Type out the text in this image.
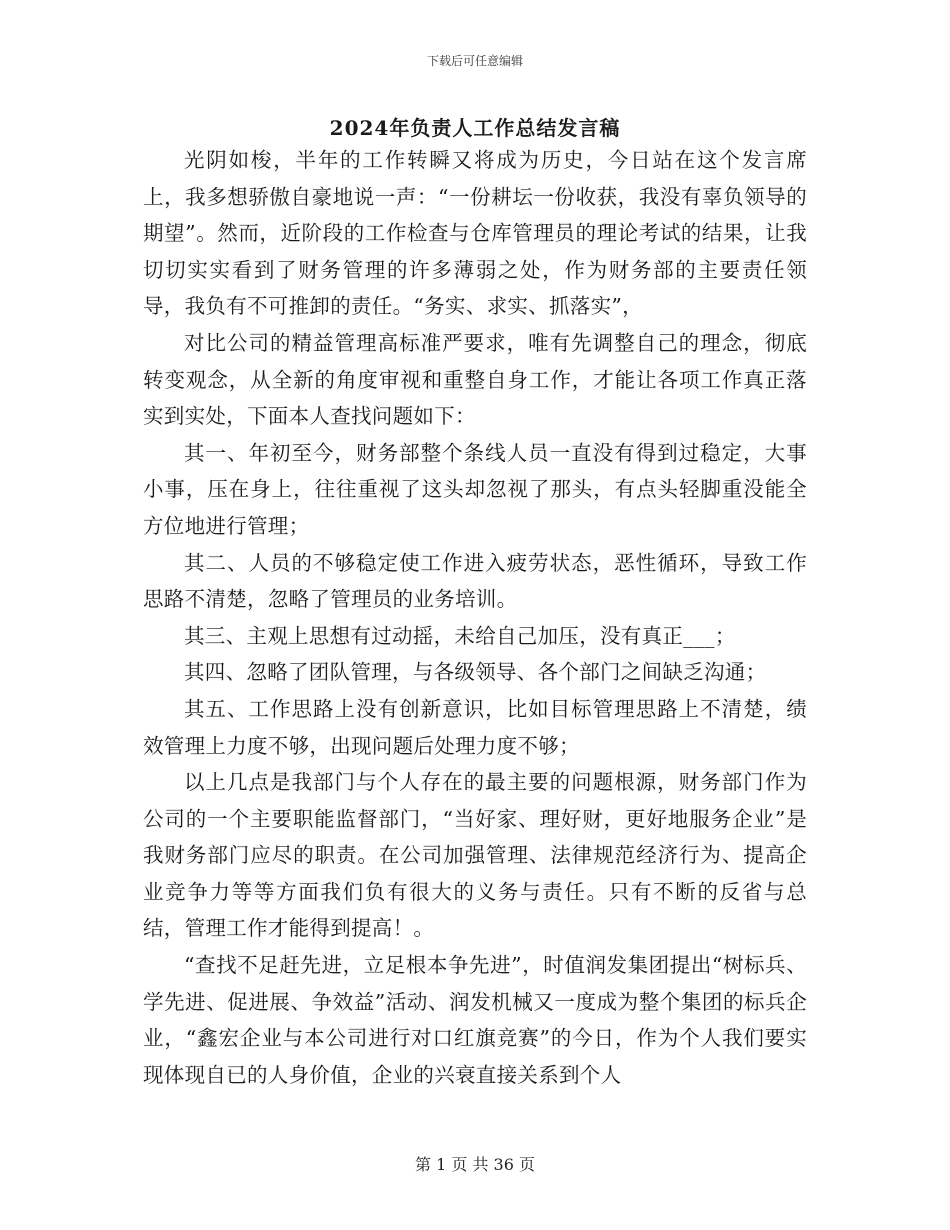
下载后可任意编辑
2024年负责人工作总结发言稿

光阴如梭，半年的工作转瞬又将成为历史，今日站在这个发言席上，我多想骄傲自豪地说一声：“一份耕坛一份收获，我没有辜负领导的期望”。然而，近阶段的工作检查与仓库管理员的理论考试的结果，让我切切实实看到了财务管理的许多薄弱之处，作为财务部的主要责任领导，我负有不可推卸的责任。“务实、求实、抓落实”，

对比公司的精益管理高标准严要求，唯有先调整自己的理念，彻底转变观念，从全新的角度审视和重整自身工作，才能让各项工作真正落实到实处，下面本人查找问题如下：

其一、年初至今，财务部整个条线人员一直没有得到过稳定，大事小事，压在身上，往往重视了这头却忽视了那头，有点头轻脚重没能全方位地进行管理；

其二、人员的不够稳定使工作进入疲劳状态，恶性循环，导致工作思路不清楚，忽略了管理员的业务培训。

其三、主观上思想有过动摇，未给自己加压，没有真正___；

其四、忽略了团队管理，与各级领导、各个部门之间缺乏沟通；

其五、工作思路上没有创新意识，比如目标管理思路上不清楚，绩效管理上力度不够，出现问题后处理力度不够；

以上几点是我部门与个人存在的最主要的问题根源，财务部门作为公司的一个主要职能监督部门，“当好家、理好财，更好地服务企业”是我财务部门应尽的职责。在公司加强管理、法律规范经济行为、提高企业竞争力等等方面我们负有很大的义务与责任。只有不断的反省与总结，管理工作才能得到提高！。

“查找不足赶先进，立足根本争先进”，时值润发集团提出“树标兵、学先进、促进展、争效益”活动、润发机械又一度成为整个集团的标兵企业，“鑫宏企业与本公司进行对口红旗竞赛”的今日，作为个人我们要实现体现自已的人身价值，企业的兴衰直接关系到个人

第 1 页 共 36 页
